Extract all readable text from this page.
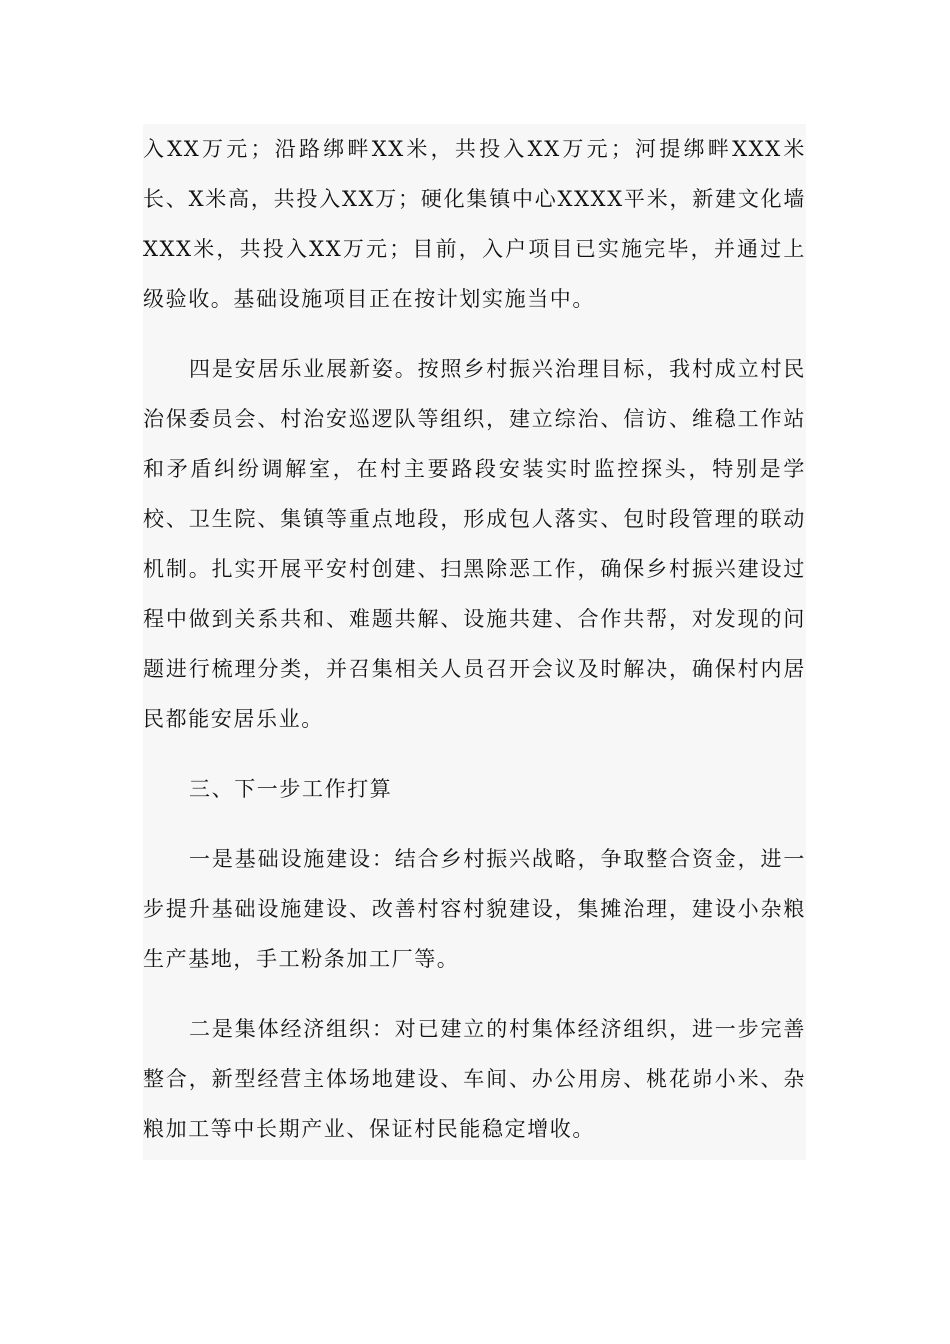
入XX万元；沿路绑畔XX米，共投入XX万元；河提绑畔XXX米长、X米高，共投入XX万；硬化集镇中心XXXX平米，新建文化墙XXX米，共投入XX万元；目前，入户项目已实施完毕，并通过上级验收。基础设施项目正在按计划实施当中。

四是安居乐业展新姿。按照乡村振兴治理目标，我村成立村民治保委员会、村治安巡逻队等组织，建立综治、信访、维稳工作站和矛盾纠纷调解室，在村主要路段安装实时监控探头，特别是学校、卫生院、集镇等重点地段，形成包人落实、包时段管理的联动机制。扎实开展平安村创建、扫黑除恶工作，确保乡村振兴建设过程中做到关系共和、难题共解、设施共建、合作共帮，对发现的问题进行梳理分类，并召集相关人员召开会议及时解决，确保村内居民都能安居乐业。

三、下一步工作打算

一是基础设施建设：结合乡村振兴战略，争取整合资金，进一步提升基础设施建设、改善村容村貌建设，集摊治理，建设小杂粮生产基地，手工粉条加工厂等。

二是集体经济组织：对已建立的村集体经济组织，进一步完善整合，新型经营主体场地建设、车间、办公用房、桃花峁小米、杂粮加工等中长期产业、保证村民能稳定增收。
